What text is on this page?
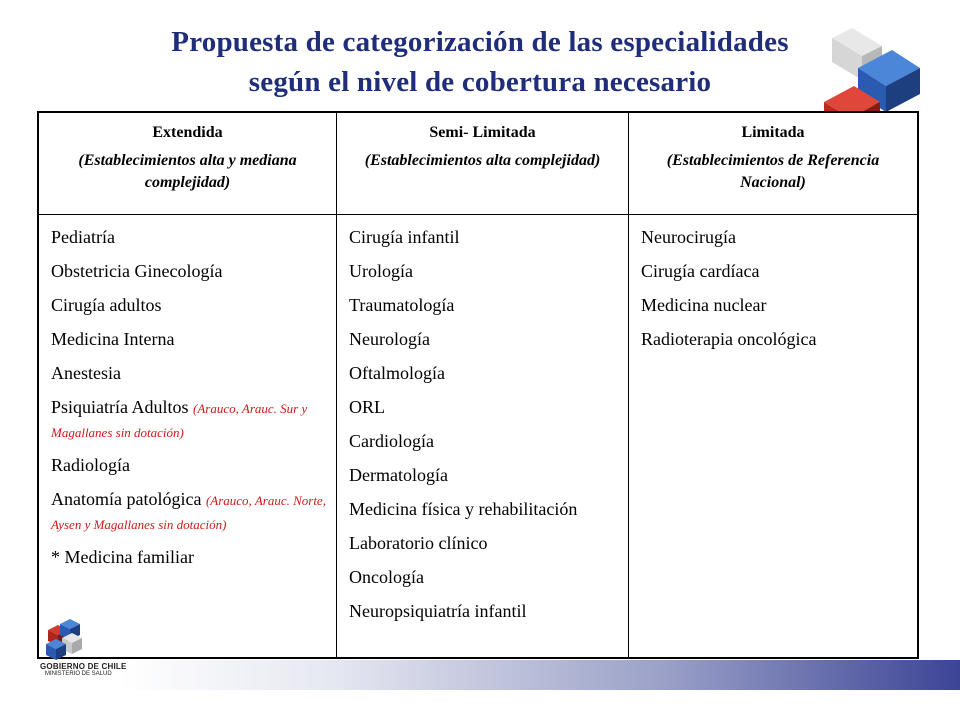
Propuesta de categorización de las especialidades
según el nivel de cobertura necesario
Extendida
(Establecimientos alta y mediana complejidad)
Semi- Limitada
(Establecimientos alta complejidad)
Limitada
(Establecimientos de Referencia Nacional)
Pediatría
Obstetricia Ginecología
Cirugía adultos
Medicina Interna
Anestesia
Psiquiatría Adultos (Arauco, Arauc. Sur y Magallanes sin dotación)
Radiología
Anatomía patológica (Arauco, Arauc. Norte, Aysen y Magallanes sin dotación)
* Medicina familiar
Cirugía infantil
Urología
Traumatología
Neurología
Oftalmología
ORL
Cardiología
Dermatología
Medicina física y rehabilitación
Laboratorio clínico
Oncología
Neuropsiquiatría infantil
Neurocirugía
Cirugía cardíaca
Medicina nuclear
Radioterapia oncológica
GOBIERNO DE CHILE
MINISTERIO DE SALUD
